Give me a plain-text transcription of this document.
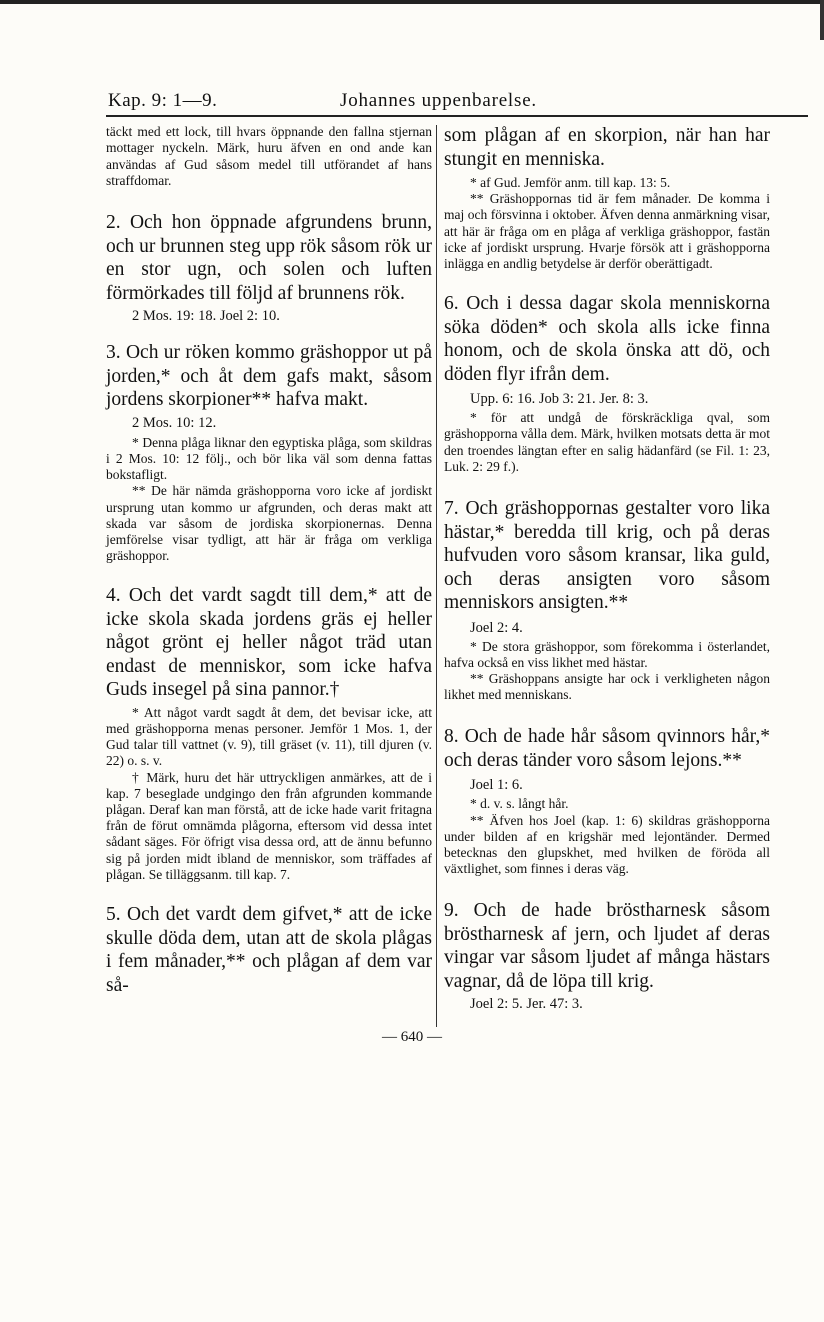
Kap. 9: 1—9.	Johannes uppenbarelse.

täckt med ett lock, till hvars öppnande den fallna stjernan mottager nyckeln. Märk, huru äfven en ond ande kan användas af Gud såsom medel till utförandet af hans straffdomar.

2. Och hon öppnade afgrundens brunn, och ur brunnen steg upp rök såsom rök ur en stor ugn, och solen och luften förmörkades till följd af brunnens rök.

2 Mos. 19: 18. Joel 2: 10.

3. Och ur röken kommo gräshoppor ut på jorden,* och åt dem gafs makt, såsom jordens skorpioner** hafva makt.

2 Mos. 10: 12.

* Denna plåga liknar den egyptiska plåga, som skildras i 2 Mos. 10: 12 följ., och bör lika väl som denna fattas bokstafligt.

** De här nämda gräshopporna voro icke af jordiskt ursprung utan kommo ur afgrunden, och deras makt att skada var såsom de jordiska skorpionernas. Denna jemförelse visar tydligt, att här är fråga om verkliga gräshoppor.

4. Och det vardt sagdt till dem,* att de icke skola skada jordens gräs ej heller något grönt ej heller något träd utan endast de menniskor, som icke hafva Guds insegel på sina pannor.†

* Att något vardt sagdt åt dem, det bevisar icke, att med gräshopporna menas personer. Jemför 1 Mos. 1, der Gud talar till vattnet (v. 9), till gräset (v. 11), till djuren (v. 22) o. s. v.

† Märk, huru det här uttryckligen anmärkes, att de i kap. 7 beseglade undgingo den från afgrunden kommande plågan. Deraf kan man förstå, att de icke hade varit fritagna från de förut omnämda plågorna, eftersom vid dessa intet sådant säges. För öfrigt visa dessa ord, att de ännu befunno sig på jorden midt ibland de menniskor, som träffades af plågan. Se tilläggsanm. till kap. 7.

5. Och det vardt dem gifvet,* att de icke skulle döda dem, utan att de skola plågas i fem månader,** och plågan af dem var så-

som plågan af en skorpion, när han har stungit en menniska.

* af Gud. Jemför anm. till kap. 13: 5.

** Gräshoppornas tid är fem månader. De komma i maj och försvinna i oktober. Äfven denna anmärkning visar, att här är fråga om en plåga af verkliga gräshoppor, fastän icke af jordiskt ursprung. Hvarje försök att i gräshopporna inlägga en andlig betydelse är derför oberättigadt.

6. Och i dessa dagar skola menniskorna söka döden* och skola alls icke finna honom, och de skola önska att dö, och döden flyr ifrån dem.

Upp. 6: 16. Job 3: 21. Jer. 8: 3.

* för att undgå de förskräckliga qval, som gräshopporna vålla dem. Märk, hvilken motsats detta är mot den troendes längtan efter en salig hädanfärd (se Fil. 1: 23, Luk. 2: 29 f.).

7. Och gräshoppornas gestalter voro lika hästar,* beredda till krig, och på deras hufvuden voro såsom kransar, lika guld, och deras ansigten voro såsom menniskors ansigten.**

Joel 2: 4.

* De stora gräshoppor, som förekomma i österlandet, hafva också en viss likhet med hästar.

** Gräshoppans ansigte har ock i verkligheten någon likhet med menniskans.

8. Och de hade hår såsom qvinnors hår,* och deras tänder voro såsom lejons.**

Joel 1: 6.

* d. v. s. långt hår.

** Äfven hos Joel (kap. 1: 6) skildras gräshopporna under bilden af en krigshär med lejontänder. Dermed betecknas den glupskhet, med hvilken de föröda all växtlighet, som finnes i deras väg.

9. Och de hade bröstharnesk såsom bröstharnesk af jern, och ljudet af deras vingar var såsom ljudet af många hästars vagnar, då de löpa till krig.

Joel 2: 5. Jer. 47: 3.

— 640 —
